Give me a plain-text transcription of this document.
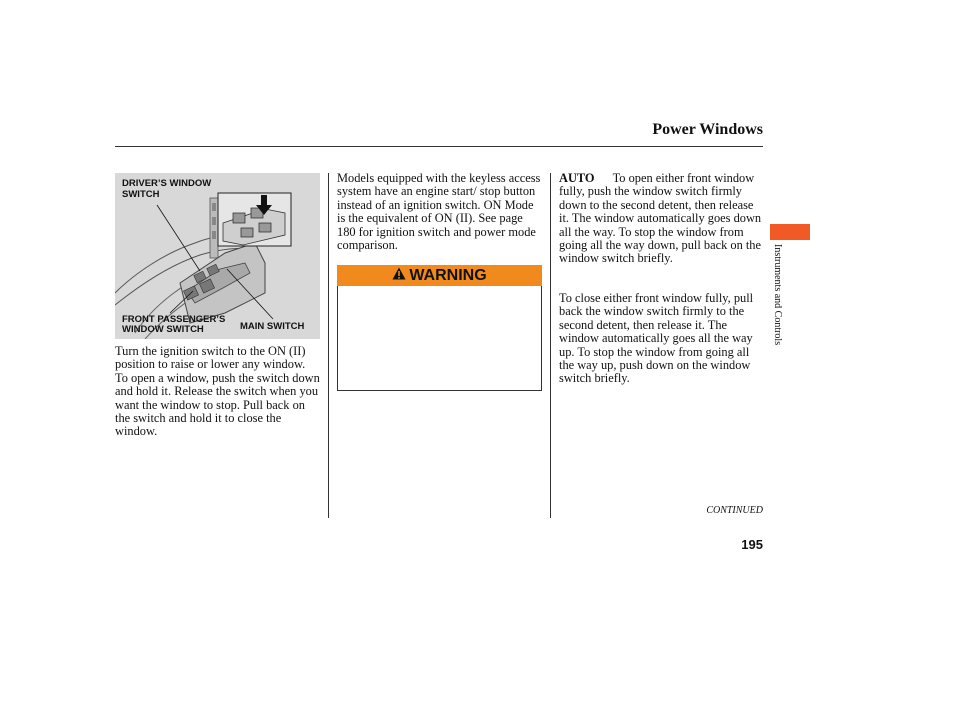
Power Windows
DRIVER’S WINDOW
SWITCH
FRONT PASSENGER’S
WINDOW SWITCH	MAIN SWITCH
Turn the ignition switch to the ON (II) position to raise or lower any window. To open a window, push the switch down and hold it. Release the switch when you want the window to stop. Pull back on the switch and hold it to close the window.
Models equipped with the keyless access system have an engine start/ stop button instead of an ignition switch. ON Mode is the equivalent of ON (II). See page 180 for ignition switch and power mode comparison.
WARNING
AUTO To open either front window fully, push the window switch firmly down to the second detent, then release it. The window automatically goes down all the way. To stop the window from going all the way down, pull back on the window switch briefly.
To close either front window fully, pull back the window switch firmly to the second detent, then release it. The window automatically goes all the way up. To stop the window from going all the way up, push down on the window switch briefly.
Instruments and Controls
CONTINUED
195
